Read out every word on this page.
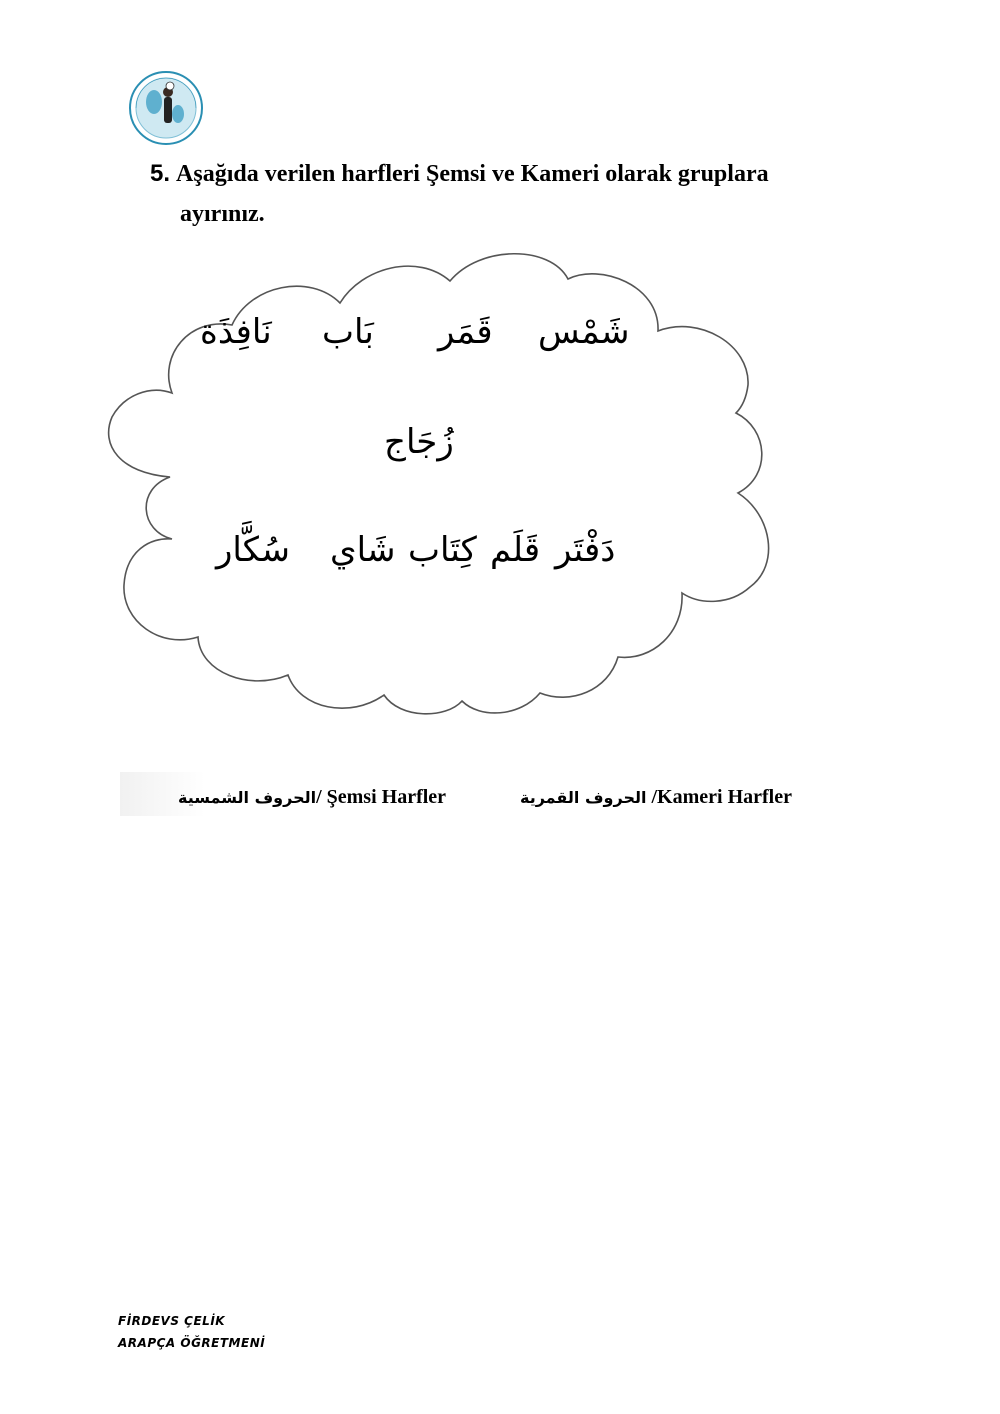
5. Aşağıda verilen harfleri Şemsi ve Kameri olarak gruplara
ayırınız.
شَمْس
قَمَر
بَاب
نَافِذَة
زُجَاج
دَفْتَر
قَلَم
كِتَاب
شَاي
سُكَّار
الحروف الشمسية/ Şemsi Harfler	الحروف القمرية /Kameri Harfler
FİRDEVS ÇELİK
ARAPÇA ÖĞRETMENİ
